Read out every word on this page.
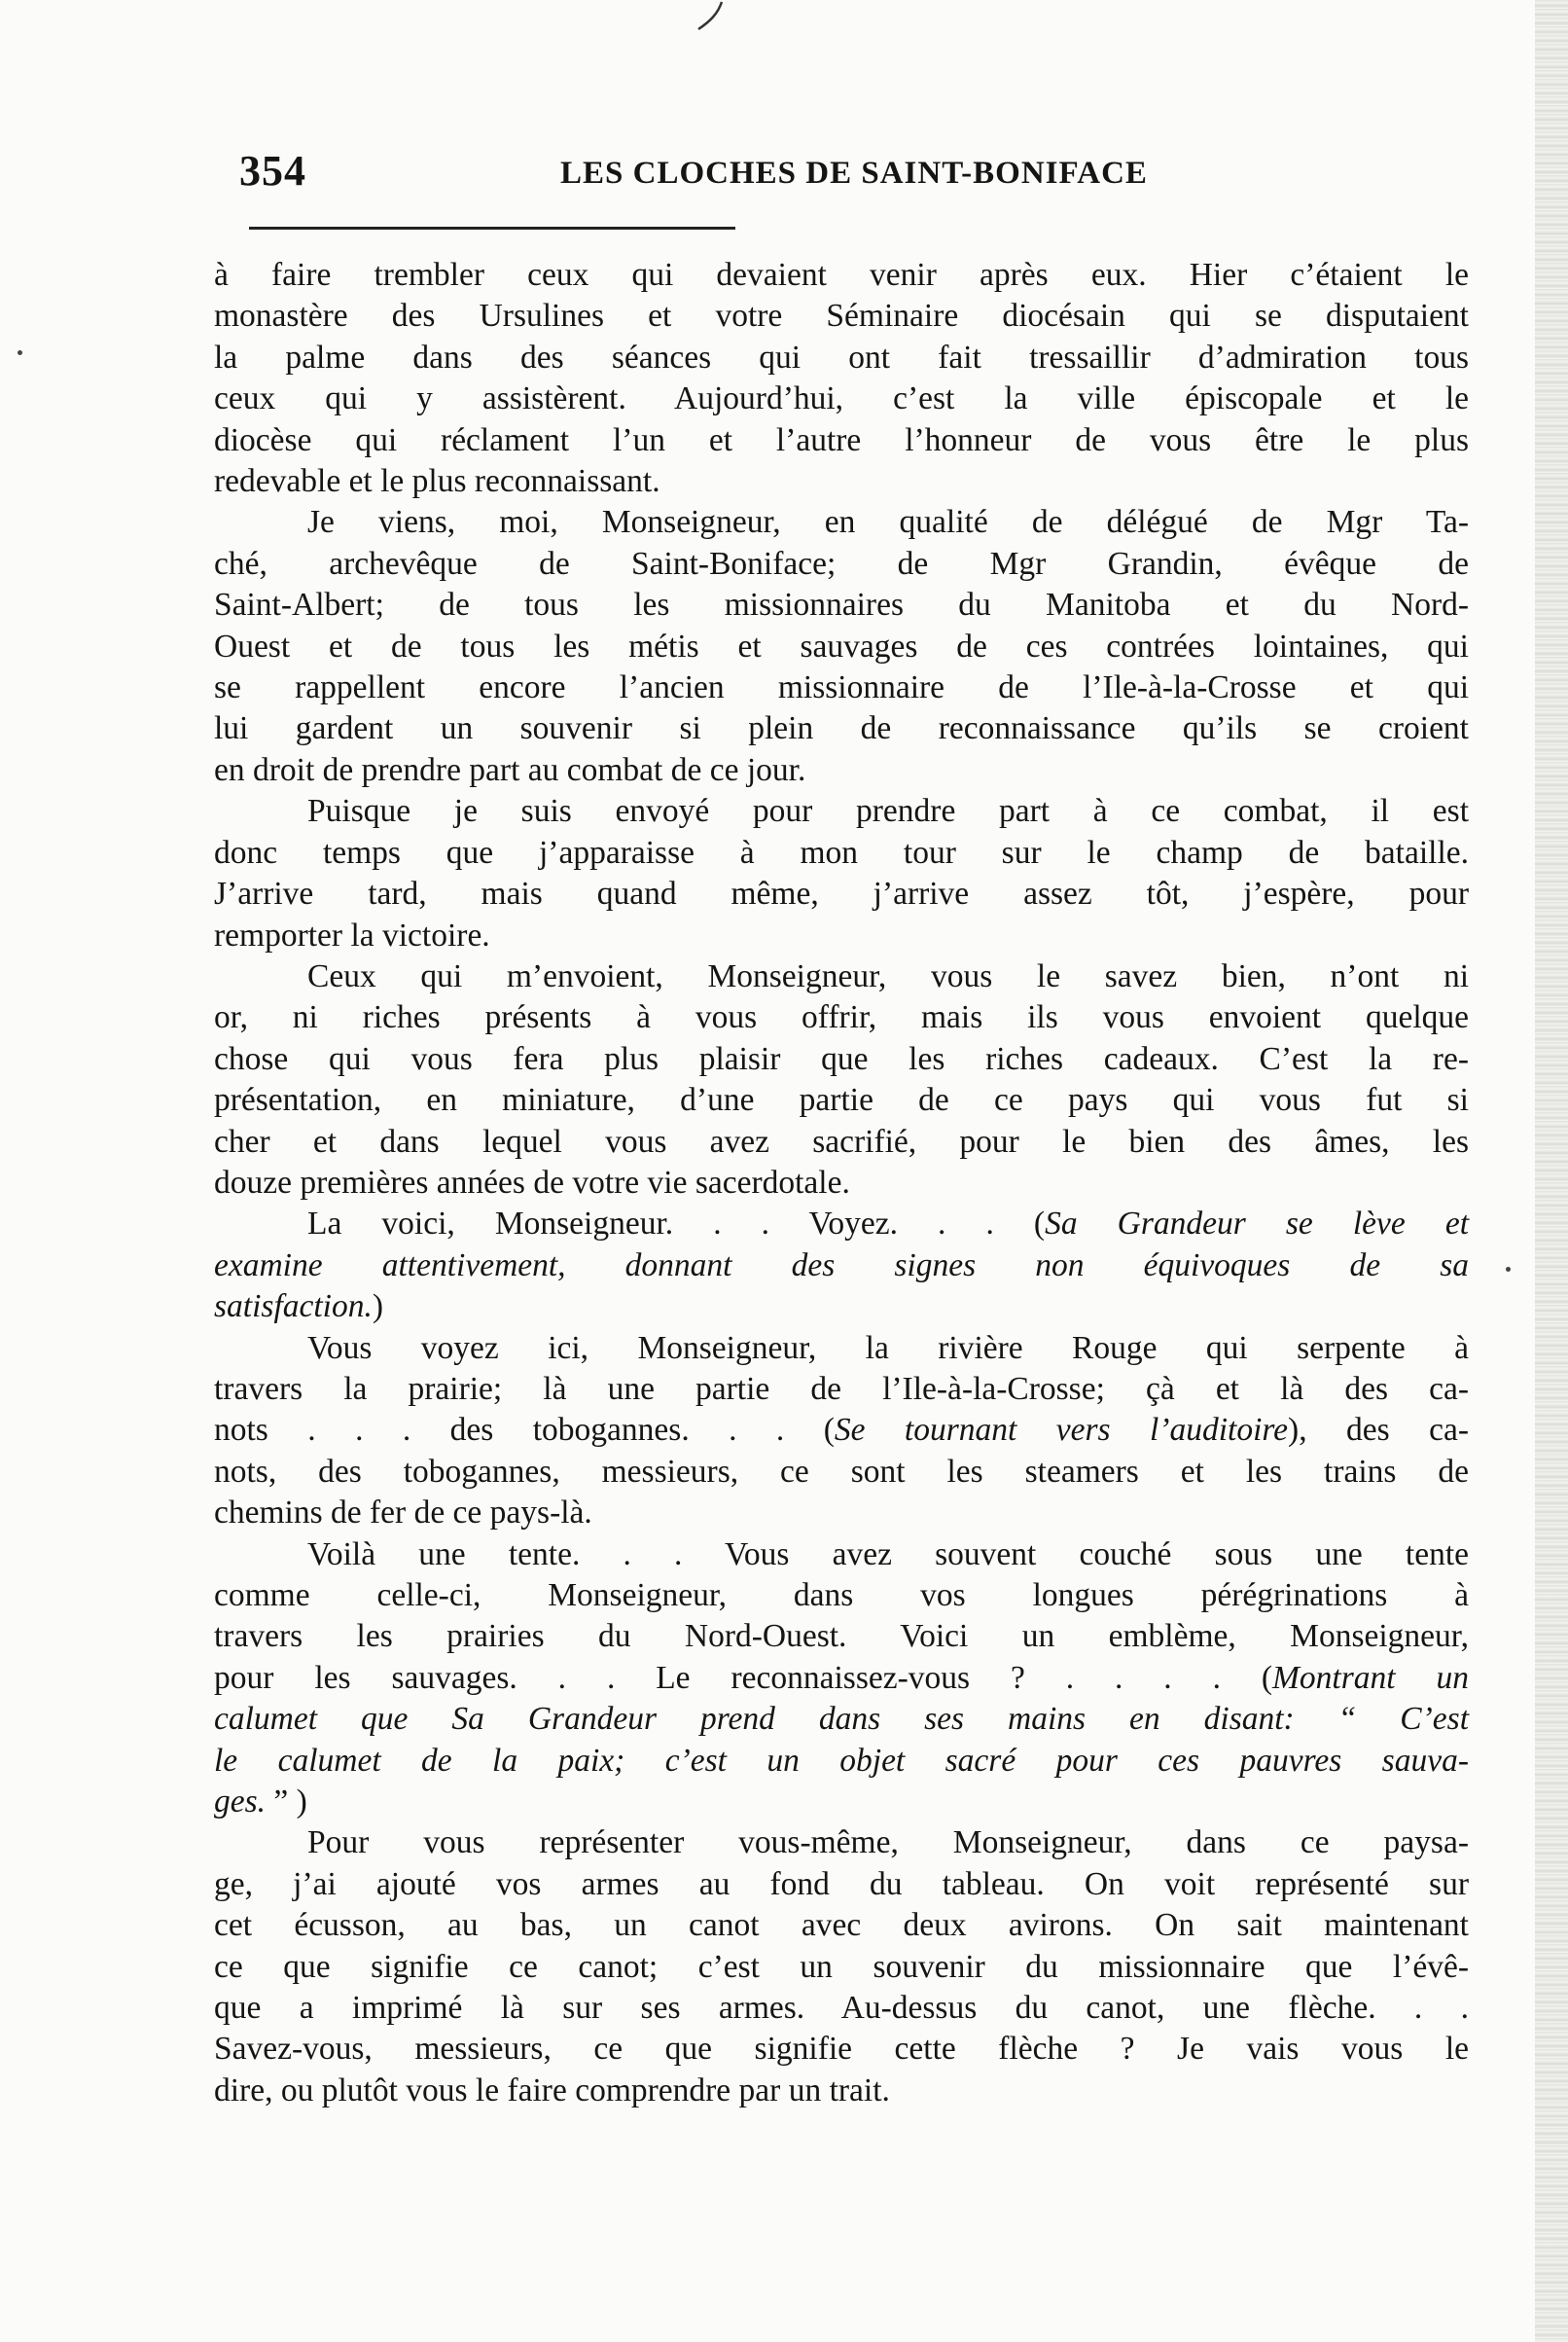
354	LES CLOCHES DE SAINT-BONIFACE

à faire trembler ceux qui devaient venir après eux. Hier c’étaient le
monastère des Ursulines et votre Séminaire diocésain qui se disputaient
la palme dans des séances qui ont fait tressaillir d’admiration tous
ceux qui y assistèrent. Aujourd’hui, c’est la ville épiscopale et le
diocèse qui réclament l’un et l’autre l’honneur de vous être le plus
redevable et le plus reconnaissant.

Je viens, moi, Monseigneur, en qualité de délégué de Mgr Ta-
ché, archevêque de Saint-Boniface; de Mgr Grandin, évêque de
Saint-Albert; de tous les missionnaires du Manitoba et du Nord-
Ouest et de tous les métis et sauvages de ces contrées lointaines, qui
se rappellent encore l’ancien missionnaire de l’Ile-à-la-Crosse et qui
lui gardent un souvenir si plein de reconnaissance qu’ils se croient
en droit de prendre part au combat de ce jour.

Puisque je suis envoyé pour prendre part à ce combat, il est
donc temps que j’apparaisse à mon tour sur le champ de bataille.
J’arrive tard, mais quand même, j’arrive assez tôt, j’espère, pour
remporter la victoire.

Ceux qui m’envoient, Monseigneur, vous le savez bien, n’ont ni
or, ni riches présents à vous offrir, mais ils vous envoient quelque
chose qui vous fera plus plaisir que les riches cadeaux. C’est la re-
présentation, en miniature, d’une partie de ce pays qui vous fut si
cher et dans lequel vous avez sacrifié, pour le bien des âmes, les
douze premières années de votre vie sacerdotale.

La voici, Monseigneur. . . Voyez. . . (Sa Grandeur se lève et
examine attentivement, donnant des signes non équivoques de sa
satisfaction.)

Vous voyez ici, Monseigneur, la rivière Rouge qui serpente à
travers la prairie; là une partie de l’Ile-à-la-Crosse; çà et là des ca-
nots . . . des tobogannes. . . (Se tournant vers l’auditoire), des ca-
nots, des tobogannes, messieurs, ce sont les steamers et les trains de
chemins de fer de ce pays-là.

Voilà une tente. . . Vous avez souvent couché sous une tente
comme celle-ci, Monseigneur, dans vos longues pérégrinations à
travers les prairies du Nord-Ouest. Voici un emblème, Monseigneur,
pour les sauvages. . . Le reconnaissez-vous ? . . . . (Montrant un
calumet que Sa Grandeur prend dans ses mains en disant: “ C’est
le calumet de la paix; c’est un objet sacré pour ces pauvres sauva-
ges. ” )

Pour vous représenter vous-même, Monseigneur, dans ce paysa-
ge, j’ai ajouté vos armes au fond du tableau. On voit représenté sur
cet écusson, au bas, un canot avec deux avirons. On sait maintenant
ce que signifie ce canot; c’est un souvenir du missionnaire que l’évê-
que a imprimé là sur ses armes. Au-dessus du canot, une flèche. . .
Savez-vous, messieurs, ce que signifie cette flèche ? Je vais vous le
dire, ou plutôt vous le faire comprendre par un trait.
